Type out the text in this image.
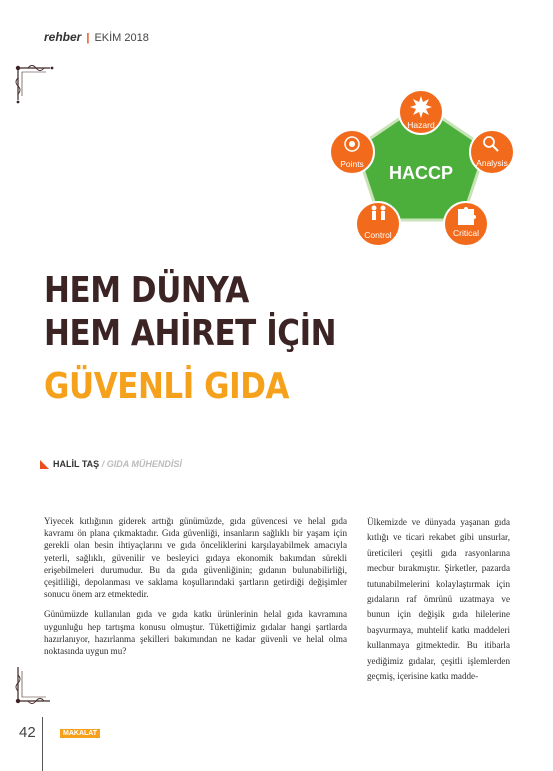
rehber | EKİM 2018
HACCP
Hazard
Analysis
Critical
Control
Points
HEM DÜNYA
HEM AHİRET İÇİN
GÜVENLİ GIDA
HALİL TAŞ / GIDA MÜHENDİSİ

Yiyecek kıtlığının giderek arttığı günümüzde, gıda güvencesi ve helal gıda kavramı ön plana çıkmaktadır. Gıda güvenliği, insanların sağlıklı bir yaşam için gerekli olan besin ihtiyaçlarını ve gıda önceliklerini karşılayabilmek amacıyla yeterli, sağlıklı, güvenilir ve besleyici gıdaya ekonomik bakımdan sürekli erişebilmeleri durumudur. Bu da gıda güvenliğinin; gıdanın bulunabilirliği, çeşitliliği, depolanması ve saklama koşullarındaki şartların getirdiği değişimler sonucu önem arz etmektedir.

Günümüzde kullanılan gıda ve gıda katkı ürünlerinin helal gıda kavramına uygunluğu hep tartışma konusu olmuştur. Tükettiğimiz gıdalar hangi şartlarda hazırlanıyor, hazırlanma şekilleri bakımından ne kadar güvenli ve helal olma noktasında uygun mu?

Ülkemizde ve dünyada yaşanan gıda kıtlığı ve ticari rekabet gibi unsurlar, üreticileri çeşitli gıda rasyonlarına mecbur bırakmıştır. Şirketler, pazarda tutunabilmelerini kolaylaştırmak için gıdaların raf ömrünü uzatmaya ve bunun için değişik gıda hilelerine başvurmaya, muhtelif katkı maddeleri kullanmaya gitmektedir. Bu itibarla yediğimiz gıdalar, çeşitli işlemlerden geçmiş, içerisine katkı madde-

42	MAKALAT
